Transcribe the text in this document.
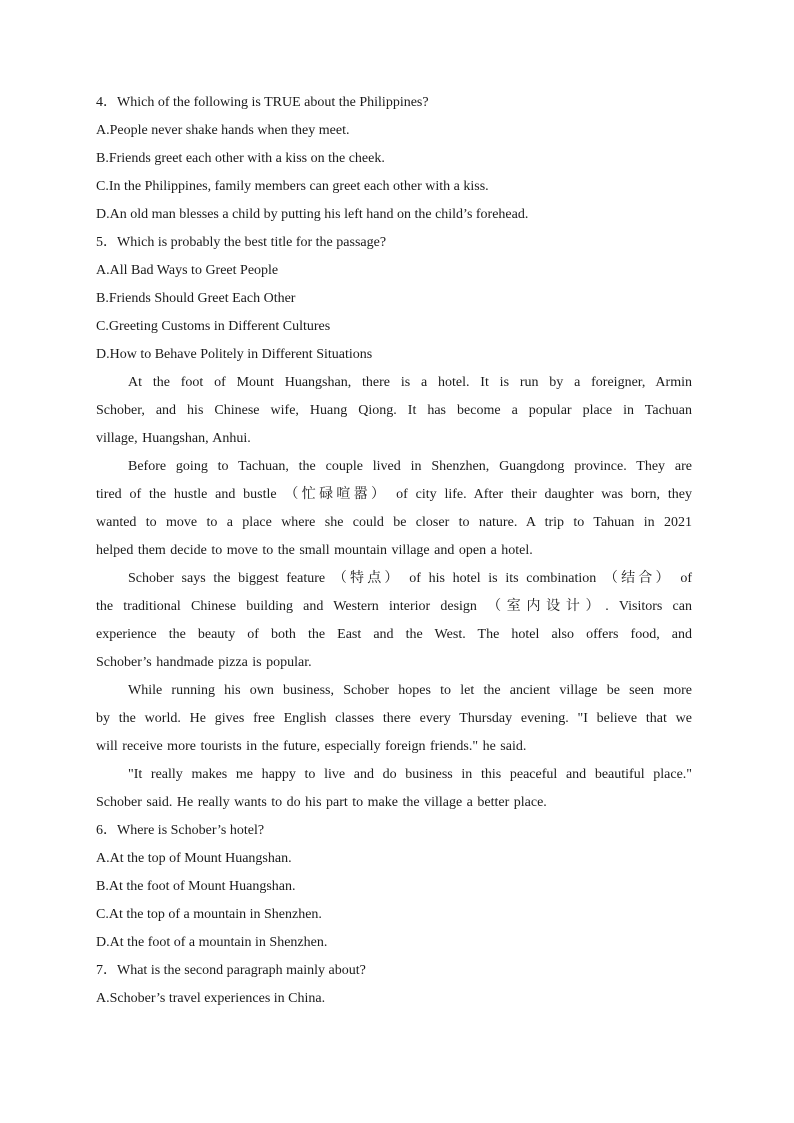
4．Which of the following is TRUE about the Philippines?

A.People never shake hands when they meet.

B.Friends greet each other with a kiss on the cheek.

C.In the Philippines, family members can greet each other with a kiss.

D.An old man blesses a child by putting his left hand on the child’s forehead.

5．Which is probably the best title for the passage?

A.All Bad Ways to Greet People

B.Friends Should Greet Each Other

C.Greeting Customs in Different Cultures

D.How to Behave Politely in Different Situations

At the foot of Mount Huangshan, there is a hotel. It is run by a foreigner, Armin
Schober, and his Chinese wife, Huang Qiong. It has become a popular place in Tachuan
village, Huangshan, Anhui.
Before going to Tachuan, the couple lived in Shenzhen, Guangdong province. They are
tired of the hustle and bustle （忙碌喧嚣） of city life. After their daughter was born, they
wanted to move to a place where she could be closer to nature. A trip to Tahuan in 2021
helped them decide to move to the small mountain village and open a hotel.
Schober says the biggest feature （特点） of his hotel is its combination （结合） of
the traditional Chinese building and Western interior design （室内设计）. Visitors can
experience the beauty of both the East and the West. The hotel also offers food, and
Schober’s handmade pizza is popular.
While running his own business, Schober hopes to let the ancient village be seen more
by the world. He gives free English classes there every Thursday evening. "I believe that we
will receive more tourists in the future, especially foreign friends." he said.
"It really makes me happy to live and do business in this peaceful and beautiful place."
Schober said. He really wants to do his part to make the village a better place.

6．Where is Schober’s hotel?

A.At the top of Mount Huangshan.

B.At the foot of Mount Huangshan.

C.At the top of a mountain in Shenzhen.

D.At the foot of a mountain in Shenzhen.

7．What is the second paragraph mainly about?

A.Schober’s travel experiences in China.
